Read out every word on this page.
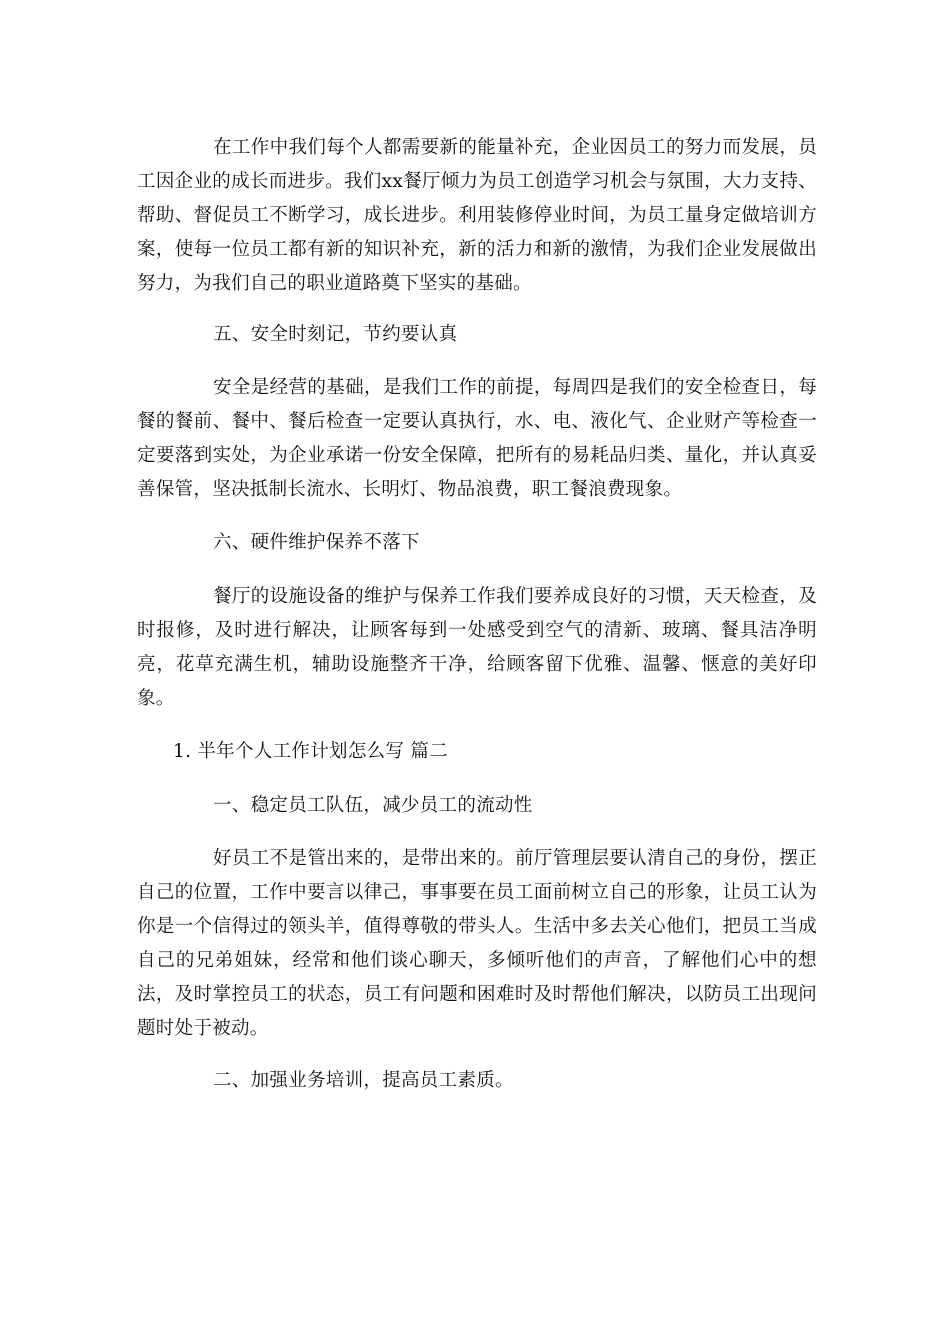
在工作中我们每个人都需要新的能量补充，企业因员工的努力而发展，员工因企业的成长而进步。我们xx餐厅倾力为员工创造学习机会与氛围，大力支持、帮助、督促员工不断学习，成长进步。利用装修停业时间，为员工量身定做培训方案，使每一位员工都有新的知识补充，新的活力和新的激情，为我们企业发展做出努力，为我们自己的职业道路奠下坚实的基础。

五、安全时刻记，节约要认真

安全是经营的基础，是我们工作的前提，每周四是我们的安全检查日，每餐的餐前、餐中、餐后检查一定要认真执行，水、电、液化气、企业财产等检查一定要落到实处，为企业承诺一份安全保障，把所有的易耗品归类、量化，并认真妥善保管，坚决抵制长流水、长明灯、物品浪费，职工餐浪费现象。

六、硬件维护保养不落下

餐厅的设施设备的维护与保养工作我们要养成良好的习惯，天天检查，及时报修，及时进行解决，让顾客每到一处感受到空气的清新、玻璃、餐具洁净明亮，花草充满生机，辅助设施整齐干净，给顾客留下优雅、温馨、惬意的美好印象。

1. 半年个人工作计划怎么写 篇二

一、稳定员工队伍，减少员工的流动性

好员工不是管出来的，是带出来的。前厅管理层要认清自己的身份，摆正自己的位置，工作中要言以律己，事事要在员工面前树立自己的形象，让员工认为你是一个信得过的领头羊，值得尊敬的带头人。生活中多去关心他们，把员工当成自己的兄弟姐妹，经常和他们谈心聊天，多倾听他们的声音，了解他们心中的想法，及时掌控员工的状态，员工有问题和困难时及时帮他们解决，以防员工出现问题时处于被动。

二、加强业务培训，提高员工素质。
